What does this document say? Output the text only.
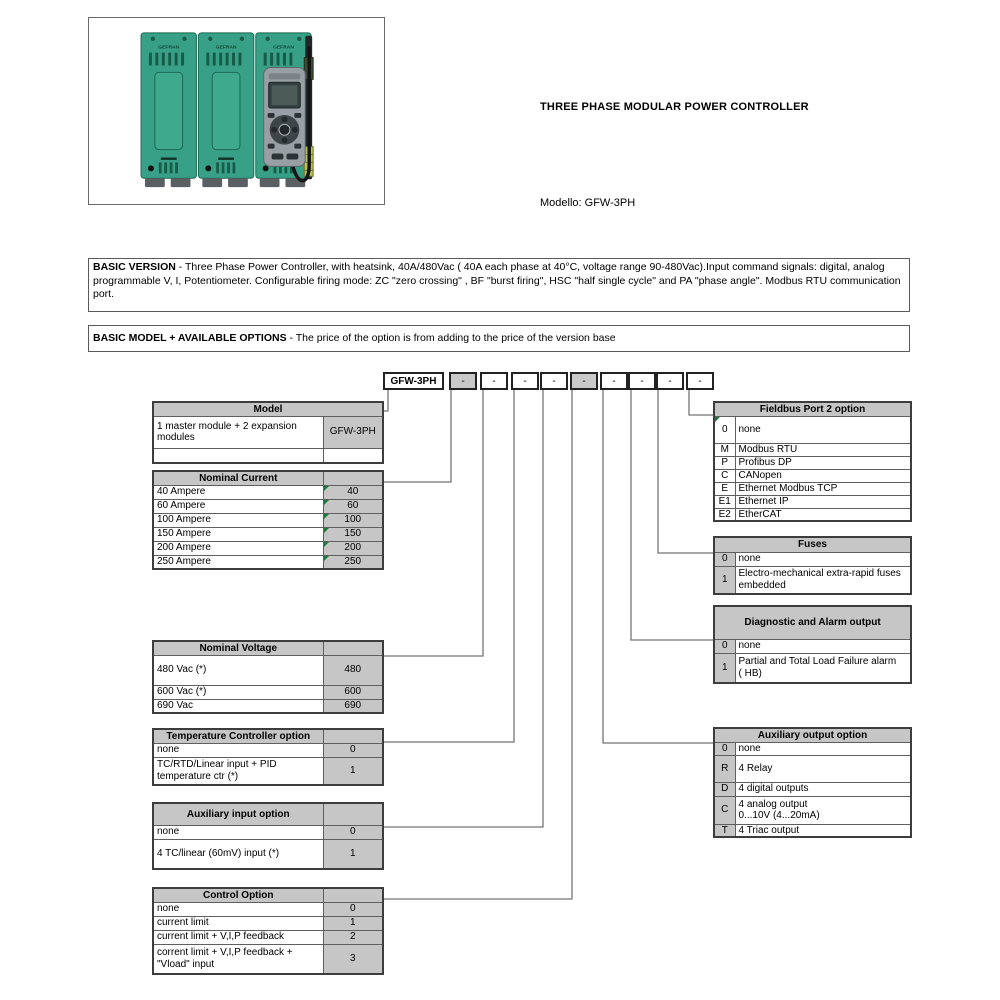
GEFRAN	GEFRAN	GEFRAN
THREE PHASE MODULAR POWER CONTROLLER
Modello: GFW-3PH
BASIC VERSION - Three Phase Power Controller, with heatsink, 40A/480Vac ( 40A each phase at 40°C, voltage range 90-480Vac).Input command signals: digital, analog programmable V, I, Potentiometer. Configurable firing mode: ZC "zero crossing" , BF "burst firing", HSC "half single cycle" and PA "phase angle". Modbus RTU communication port.
BASIC MODEL + AVAILABLE OPTIONS - The price of the option is from adding to the price of the version base
GFW-3PH	-	-	-	-	-	-	-	-	-
Model	
1 master module + 2 expansion modules	GFW-3PH

Nominal Current	
40 Ampere	40
60 Ampere	60
100 Ampere	100
150 Ampere	150
200 Ampere	200
250 Ampere	250
Nominal Voltage	
480 Vac (*)	480
600 Vac (*)	600
690 Vac	690
Temperature Controller option	
none	0
TC/RTD/Linear input + PID temperature ctr (*)	1
Auxiliary input option	
none	0
4 TC/linear (60mV) input (*)	1
Control Option	
none	0
current limit	1
current limit + V,I,P feedback	2
corrent limit + V,I,P feedback + "Vload" input	3
Fieldbus Port 2 option	

0	none
M	Modbus RTU
P	Profibus DP
C	CANopen
E	Ethernet Modbus TCP
E1	Ethernet IP
E2	EtherCAT
Fuses	
0	none
1	Electro-mechanical extra-rapid fuses embedded
Diagnostic and Alarm output	
0	none
1	Partial and Total Load Failure alarm
( HB)
Auxiliary output option	
0	none
R	4 Relay
D	4 digital outputs
C	4 analog output
0...10V (4...20mA)

T	4 Triac output
